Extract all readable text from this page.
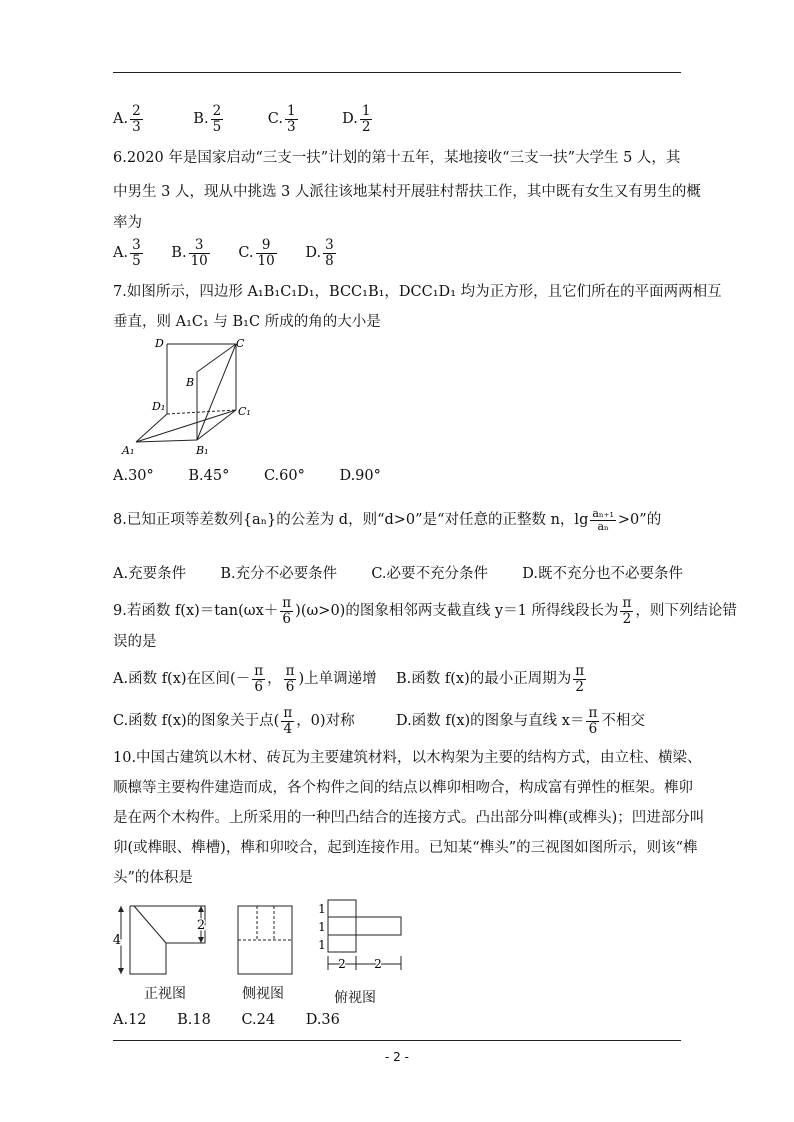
A. $\frac{2}{3}$	B. $\frac{2}{5}$	C. $\frac{1}{3}$	D. $\frac{1}{2}$
6.2020 年是国家启动“三支一扶”计划的第十五年，某地接收“三支一扶”大学生 5 人，其
中男生 3 人，现从中挑选 3 人派往该地某村开展驻村帮扶工作，其中既有女生又有男生的概
率为
A. $\frac{3}{5} B$. $\frac{3}{10} C$. $\frac{9}{10} D$. $\frac{3}{8}$
7.如图所示，四边形 A₁B₁C₁D₁，BCC₁B₁，DCC₁D₁ 均为正方形，且它们所在的平面两两相互
垂直，则 A₁C₁ 与 B₁C 所成的角的大小是
D	C
B
D₁	C₁
A₁	B₁
A.30° B.45° C.60° D.90°
8.已知正项等差数列{aₙ}的公差为 d，则“d>0”是“对任意的正整数 n，$\lg \frac{\text{aₙ₊₁}}{\text{aₙ}} >0$”的
A.充要条件 B.充分不必要条件 C.必要不充分条件 D.既不充分也不必要条件
9.若函数 $f(x)=\tan(\omega x+ \frac{\pi}{6} )(\omega>0)$的图象相邻两支截直线 y＝1 所得线段长为 $\frac{\pi}{2}$ ，则下列结论错
误的是
A.函数 f(x)在区间(－ $\frac{\pi}{6}$ ， $\frac{\pi}{6}$ )上单调递增 B.函数 f(x)的最小正周期为 $\frac{\pi}{2}$
C.函数 f(x)的图象关于点( $\frac{\pi}{4}$ ，0)对称	D.函数 f(x)的图象与直线 $x= \frac{\pi}{6}$ 不相交
10.中国古建筑以木材、砖瓦为主要建筑材料，以木构架为主要的结构方式，由立柱、横梁、
顺檩等主要构件建造而成，各个构件之间的结点以榫卯相吻合，构成富有弹性的框架。榫卯
是在两个木构件。上所采用的一种凹凸结合的连接方式。凸出部分叫榫(或榫头)；凹进部分叫
卯(或榫眼、榫槽)，榫和卯咬合，起到连接作用。已知某“榫头”的三视图如图所示，则该“榫
头”的体积是
4
2
1
1
1
2 2
正视图	侧视图	俯视图
A.12 B.18 C.24 D.36
- 2 -
